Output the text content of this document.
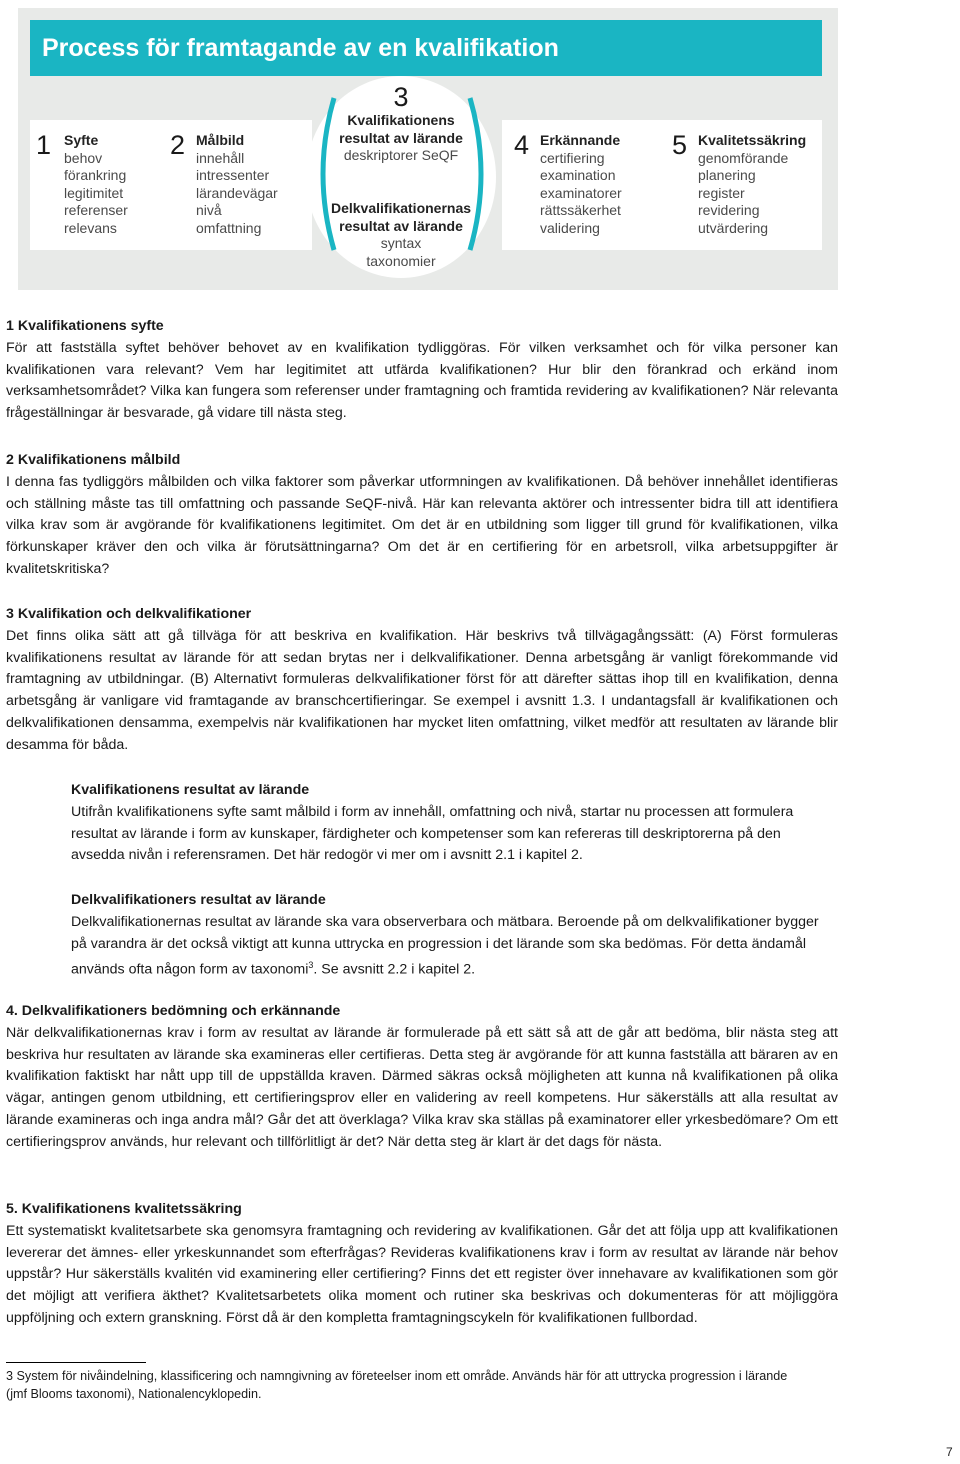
Process för framtagande av en kvalifikation
1 Syfte
behov
förankring
legitimitet
referenser
relevans
2 Målbild
innehåll
intressenter
lärandevägar
nivå
omfattning
3
Kvalifikationens
resultat av lärande
deskriptorer SeQF
Delkvalifikationernas
resultat av lärande
syntax
taxonomier
4 Erkännande
certifiering
examination
examinatorer
rättssäkerhet
validering
5 Kvalitetssäkring
genomförande
planering
register
revidering
utvärdering

1 Kvalifikationens syfte

För att fastställa syftet behöver behovet av en kvalifikation tydliggöras. För vilken verksamhet och för vilka personer kan kvalifikationen vara relevant? Vem har legitimitet att utfärda kvalifikationen? Hur blir den förankrad och erkänd inom verksamhetsområdet? Vilka kan fungera som referenser under framtagning och framtida revidering av kvalifikationen? När relevanta frågeställningar är besvarade, gå vidare till nästa steg.

2 Kvalifikationens målbild

I denna fas tydliggörs målbilden och vilka faktorer som påverkar utformningen av kvalifikationen. Då behöver innehållet identifieras och ställning måste tas till omfattning och passande SeQF-nivå. Här kan relevanta aktörer och intressenter bidra till att identifiera vilka krav som är avgörande för kvalifikationens legitimitet. Om det är en utbildning som ligger till grund för kvalifikationen, vilka förkunskaper kräver den och vilka är förutsättningarna? Om det är en certifiering för en arbetsroll, vilka arbetsuppgifter är kvalitetskritiska?

3 Kvalifikation och delkvalifikationer

Det finns olika sätt att gå tillväga för att beskriva en kvalifikation. Här beskrivs två tillvägagångssätt: (A) Först formuleras kvalifikationens resultat av lärande för att sedan brytas ner i delkvalifikationer. Denna arbetsgång är vanligt förekommande vid framtagning av utbildningar. (B) Alternativt formuleras delkvalifikationer först för att därefter sättas ihop till en kvalifikation, denna arbetsgång är vanligare vid framtagande av branschcertifieringar. Se exempel i avsnitt 1.3. I undantagsfall är kvalifikationen och delkvalifikationen densamma, exempelvis när kvalifikationen har mycket liten omfattning, vilket medför att resultaten av lärande blir desamma för båda.

Kvalifikationens resultat av lärande

Utifrån kvalifikationens syfte samt målbild i form av innehåll, omfattning och nivå, startar nu processen att formulera resultat av lärande i form av kunskaper, färdigheter och kompetenser som kan refereras till deskriptorerna på den avsedda nivån i referensramen. Det här redogör vi mer om i avsnitt 2.1 i kapitel 2.

Delkvalifikationers resultat av lärande

Delkvalifikationernas resultat av lärande ska vara observerbara och mätbara. Beroende på om delkvalifikationer bygger på varandra är det också viktigt att kunna uttrycka en progression i det lärande som ska bedömas. För detta ändamål används ofta någon form av taxonomi$^3$. Se avsnitt 2.2 i kapitel 2.

4. Delkvalifikationers bedömning och erkännande

När delkvalifikationernas krav i form av resultat av lärande är formulerade på ett sätt så att de går att bedöma, blir nästa steg att beskriva hur resultaten av lärande ska examineras eller certifieras. Detta steg är avgörande för att kunna fastställa att bäraren av en kvalifikation faktiskt har nått upp till de uppställda kraven. Därmed säkras också möjligheten att kunna nå kvalifikationen på olika vägar, antingen genom utbildning, ett certifieringsprov eller en validering av reell kompetens. Hur säkerställs att alla resultat av lärande examineras och inga andra mål? Går det att överklaga? Vilka krav ska ställas på examinatorer eller yrkesbedömare? Om ett certifieringsprov används, hur relevant och tillförlitligt är det? När detta steg är klart är det dags för nästa.

5. Kvalifikationens kvalitetssäkring

Ett systematiskt kvalitetsarbete ska genomsyra framtagning och revidering av kvalifikationen. Går det att följa upp att kvalifikationen levererar det ämnes- eller yrkeskunnandet som efterfrågas? Revideras kvalifikationens krav i form av resultat av lärande när behov uppstår? Hur säkerställs kvalitén vid examinering eller certifiering? Finns det ett register över innehavare av kvalifikationen som gör det möjligt att verifiera äkthet? Kvalitetsarbetets olika moment och rutiner ska beskrivas och dokumenteras för att möjliggöra uppföljning och extern granskning. Först då är den kompletta framtagningscykeln för kvalifikationen fullbordad.

3 System för nivåindelning, klassificering och namngivning av företeelser inom ett område. Används här för att uttrycka progression i lärande (jmf Blooms taxonomi), Nationalencyklopedin.
7
